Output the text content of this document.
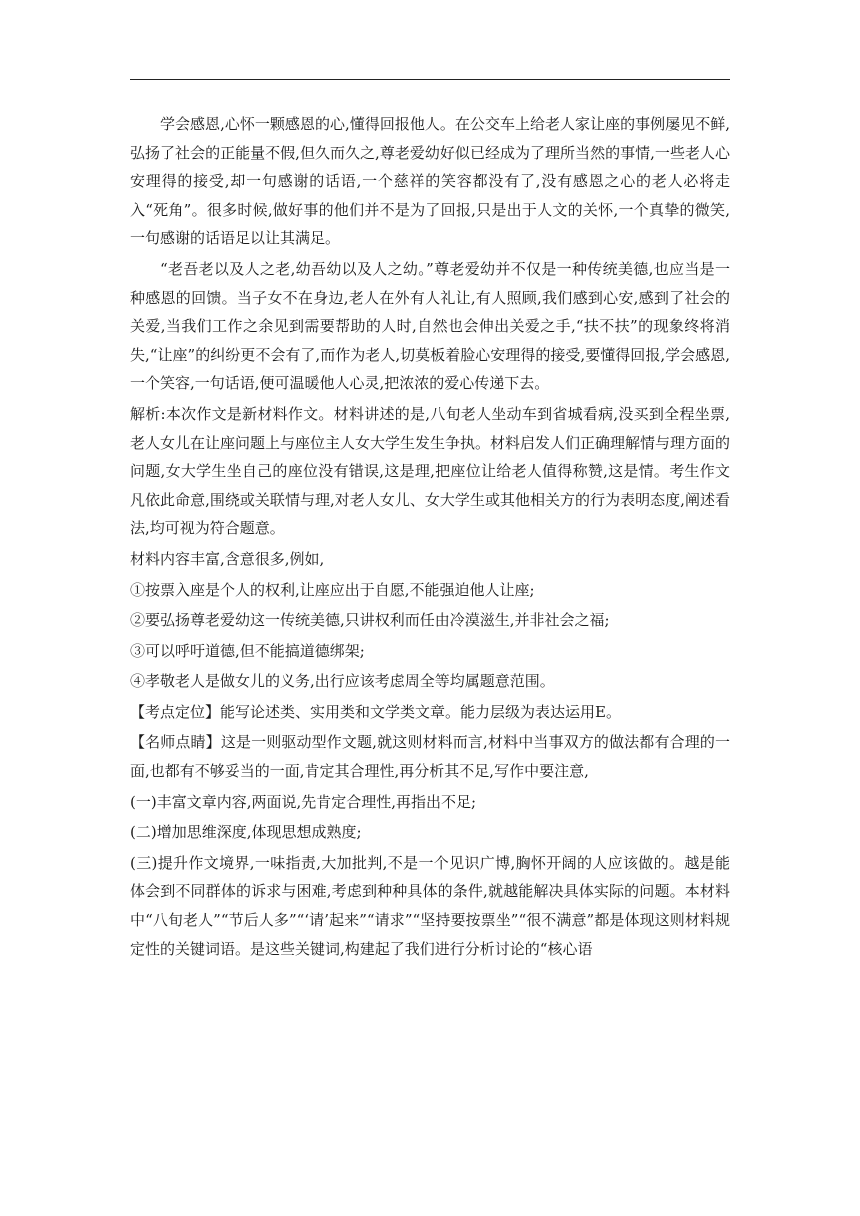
学会感恩,心怀一颗感恩的心,懂得回报他人。在公交车上给老人家让座的事例屡见不鲜,弘扬了社会的正能量不假,但久而久之,尊老爱幼好似已经成为了理所当然的事情,一些老人心安理得的接受,却一句感谢的话语,一个慈祥的笑容都没有了,没有感恩之心的老人必将走入“死角”。很多时候,做好事的他们并不是为了回报,只是出于人文的关怀,一个真挚的微笑,一句感谢的话语足以让其满足。

“老吾老以及人之老,幼吾幼以及人之幼。”尊老爱幼并不仅是一种传统美德,也应当是一种感恩的回馈。当子女不在身边,老人在外有人礼让,有人照顾,我们感到心安,感到了社会的关爱,当我们工作之余见到需要帮助的人时,自然也会伸出关爱之手,“扶不扶”的现象终将消失,“让座”的纠纷更不会有了,而作为老人,切莫板着脸心安理得的接受,要懂得回报,学会感恩,一个笑容,一句话语,便可温暖他人心灵,把浓浓的爱心传递下去。

解析:本次作文是新材料作文。材料讲述的是,八旬老人坐动车到省城看病,没买到全程坐票,老人女儿在让座问题上与座位主人女大学生发生争执。材料启发人们正确理解情与理方面的问题,女大学生坐自己的座位没有错误,这是理,把座位让给老人值得称赞,这是情。考生作文凡依此命意,围绕或关联情与理,对老人女儿、女大学生或其他相关方的行为表明态度,阐述看法,均可视为符合题意。

材料内容丰富,含意很多,例如,

①按票入座是个人的权利,让座应出于自愿,不能强迫他人让座;

②要弘扬尊老爱幼这一传统美德,只讲权利而任由冷漠滋生,并非社会之福;

③可以呼吁道德,但不能搞道德绑架;

④孝敬老人是做女儿的义务,出行应该考虑周全等均属题意范围。

【考点定位】能写论述类、实用类和文学类文章。能力层级为表达运用E。

【名师点睛】这是一则驱动型作文题,就这则材料而言,材料中当事双方的做法都有合理的一面,也都有不够妥当的一面,肯定其合理性,再分析其不足,写作中要注意,

(一)丰富文章内容,两面说,先肯定合理性,再指出不足;

(二)增加思维深度,体现思想成熟度;

(三)提升作文境界,一味指责,大加批判,不是一个见识广博,胸怀开阔的人应该做的。越是能体会到不同群体的诉求与困难,考虑到种种具体的条件,就越能解决具体实际的问题。本材料中“八旬老人”“节后人多”“‘请’起来”“请求”“坚持要按票坐”“很不满意”都是体现这则材料规定性的关键词语。是这些关键词,构建起了我们进行分析讨论的“核心语
